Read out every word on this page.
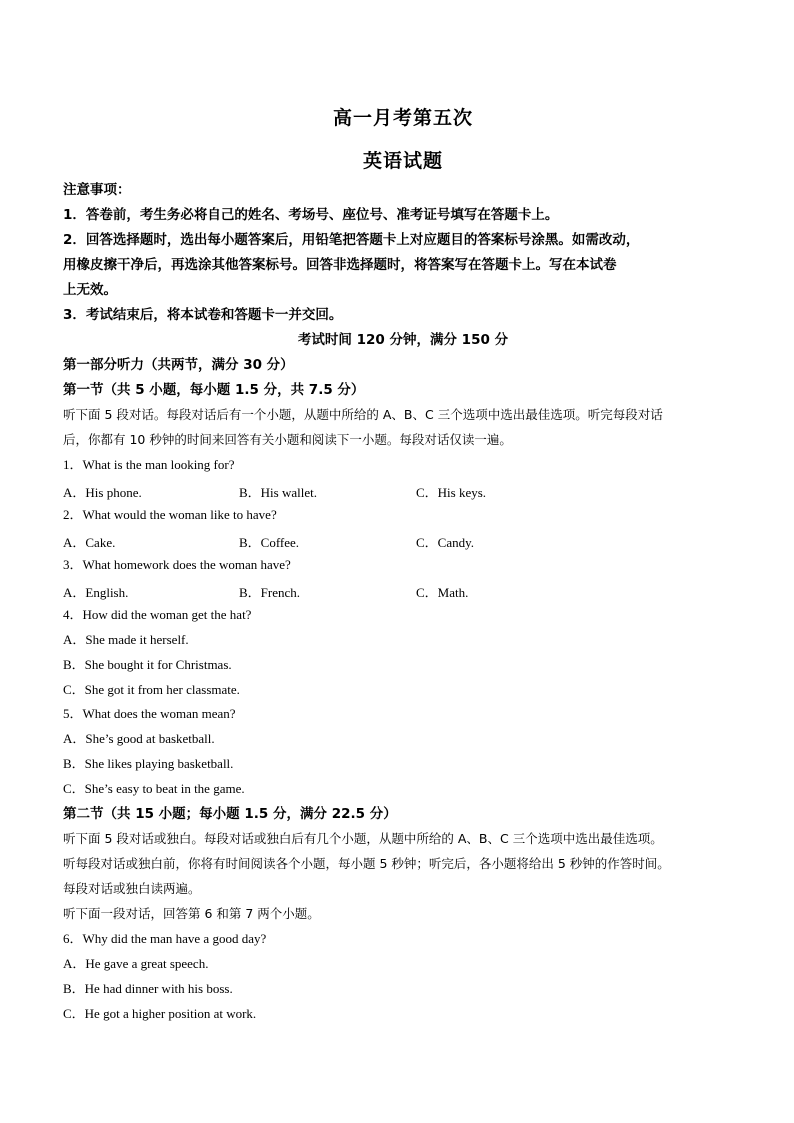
高一月考第五次
英语试题
注意事项：
1．答卷前，考生务必将自己的姓名、考场号、座位号、准考证号填写在答题卡上。
2．回答选择题时，选出每小题答案后，用铅笔把答题卡上对应题目的答案标号涂黑。如需改动，
用橡皮擦干净后，再选涂其他答案标号。回答非选择题时，将答案写在答题卡上。写在本试卷
上无效。
3．考试结束后，将本试卷和答题卡一并交回。
考试时间 120 分钟，满分 150 分
第一部分听力（共两节，满分 30 分）
第一节（共 5 小题，每小题 1.5 分，共 7.5 分）
听下面 5 段对话。每段对话后有一个小题，从题中所给的 A、B、C 三个选项中选出最佳选项。听完每段对话
后，你都有 10 秒钟的时间来回答有关小题和阅读下一小题。每段对话仅读一遍。
1．What is the man looking for?
A．His phone.	B．His wallet.	C．His keys.
2．What would the woman like to have?
A．Cake.	B．Coffee.	C．Candy.
3．What homework does the woman have?
A．English.	B．French.	C．Math.
4．How did the woman get the hat?
A．She made it herself.
B．She bought it for Christmas.
C．She got it from her classmate.
5．What does the woman mean?
A．She’s good at basketball.
B．She likes playing basketball.
C．She’s easy to beat in the game.
第二节（共 15 小题；每小题 1.5 分，满分 22.5 分）
听下面 5 段对话或独白。每段对话或独白后有几个小题，从题中所给的 A、B、C 三个选项中选出最佳选项。
听每段对话或独白前，你将有时间阅读各个小题，每小题 5 秒钟；听完后，各小题将给出 5 秒钟的作答时间。
每段对话或独白读两遍。
听下面一段对话，回答第 6 和第 7 两个小题。
6．Why did the man have a good day?
A．He gave a great speech.
B．He had dinner with his boss.
C．He got a higher position at work.
